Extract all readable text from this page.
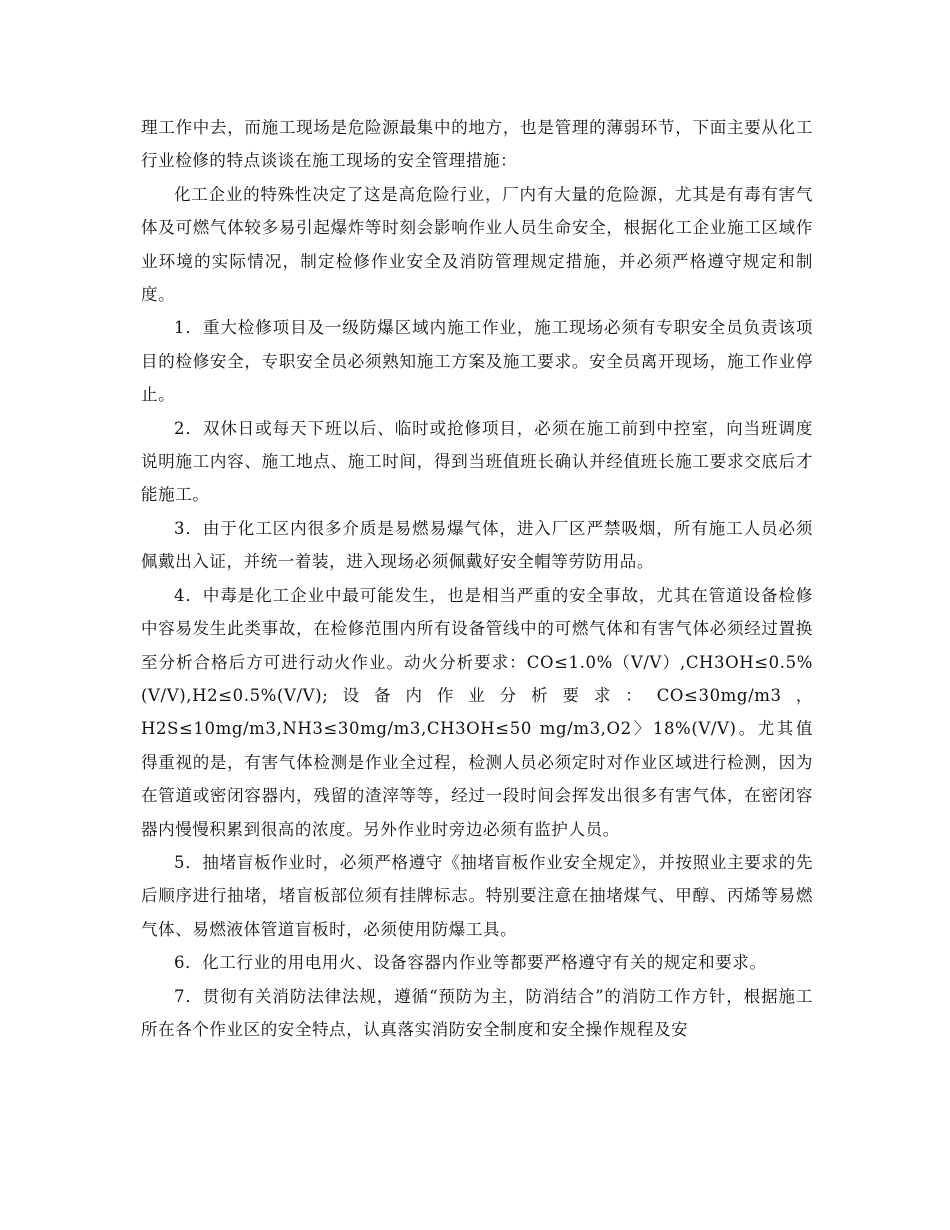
理工作中去，而施工现场是危险源最集中的地方，也是管理的薄弱环节，下面主要从化工行业检修的特点谈谈在施工现场的安全管理措施：

化工企业的特殊性决定了这是高危险行业，厂内有大量的危险源，尤其是有毒有害气体及可燃气体较多易引起爆炸等时刻会影响作业人员生命安全，根据化工企业施工区域作业环境的实际情况，制定检修作业安全及消防管理规定措施，并必须严格遵守规定和制度。

1．重大检修项目及一级防爆区域内施工作业，施工现场必须有专职安全员负责该项目的检修安全，专职安全员必须熟知施工方案及施工要求。安全员离开现场，施工作业停止。

2．双休日或每天下班以后、临时或抢修项目，必须在施工前到中控室，向当班调度说明施工内容、施工地点、施工时间，得到当班值班长确认并经值班长施工要求交底后才能施工。

3．由于化工区内很多介质是易燃易爆气体，进入厂区严禁吸烟，所有施工人员必须佩戴出入证，并统一着装，进入现场必须佩戴好安全帽等劳防用品。

4．中毒是化工企业中最可能发生，也是相当严重的安全事故，尤其在管道设备检修中容易发生此类事故，在检修范围内所有设备管线中的可燃气体和有害气体必须经过置换至分析合格后方可进行动火作业。动火分析要求：CO≤1.0%（V/V）,CH3OH≤0.5%(V/V),H2≤0.5%(V/V);设备内作业分析要求：CO≤30mg/m3，H2S≤10mg/m3,NH3≤30mg/m3,CH3OH≤50 mg/m3,O2〉18%(V/V)。尤其值得重视的是，有害气体检测是作业全过程，检测人员必须定时对作业区域进行检测，因为在管道或密闭容器内，残留的渣滓等等，经过一段时间会挥发出很多有害气体，在密闭容器内慢慢积累到很高的浓度。另外作业时旁边必须有监护人员。

5．抽堵盲板作业时，必须严格遵守《抽堵盲板作业安全规定》，并按照业主要求的先后顺序进行抽堵，堵盲板部位须有挂牌标志。特别要注意在抽堵煤气、甲醇、丙烯等易燃气体、易燃液体管道盲板时，必须使用防爆工具。

6．化工行业的用电用火、设备容器内作业等都要严格遵守有关的规定和要求。

7．贯彻有关消防法律法规，遵循“预防为主，防消结合”的消防工作方针，根据施工所在各个作业区的安全特点，认真落实消防安全制度和安全操作规程及安
